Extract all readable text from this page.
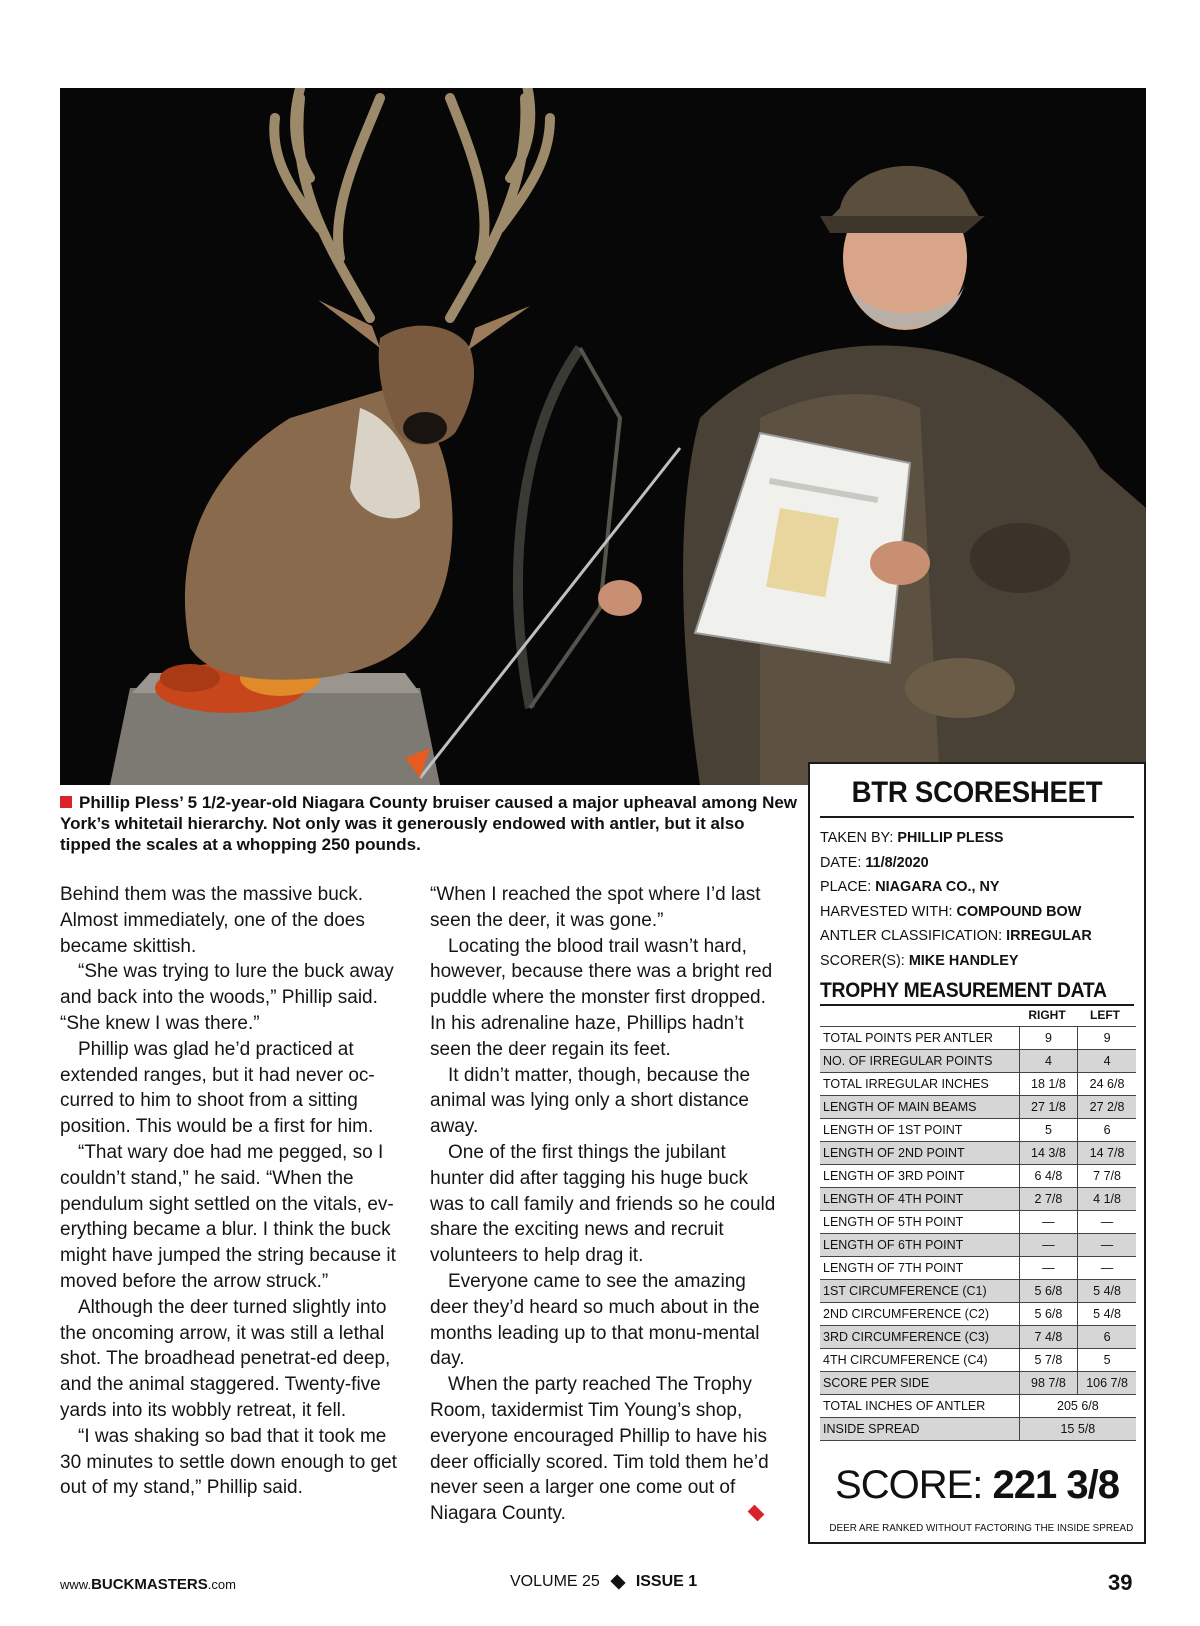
Phillip Pless’ 5 1/2-year-old Niagara County bruiser caused a major upheaval among New York’s whitetail hierarchy. Not only was it generously endowed with antler, but it also tipped the scales at a whopping 250 pounds.

Behind them was the massive buck. Almost immediately, one of the does became skittish.

“She was trying to lure the buck away and back into the woods,” Phillip said. “She knew I was there.”

Phillip was glad he’d practiced at extended ranges, but it had never oc-curred to him to shoot from a sitting position. This would be a first for him.

“That wary doe had me pegged, so I couldn’t stand,” he said. “When the pendulum sight settled on the vitals, ev-erything became a blur. I think the buck might have jumped the string because it moved before the arrow struck.”

Although the deer turned slightly into the oncoming arrow, it was still a lethal shot. The broadhead penetrat-ed deep, and the animal staggered. Twenty-five yards into its wobbly retreat, it fell.

“I was shaking so bad that it took me 30 minutes to settle down enough to get out of my stand,” Phillip said.

“When I reached the spot where I’d last seen the deer, it was gone.”

Locating the blood trail wasn’t hard, however, because there was a bright red puddle where the monster first dropped. In his adrenaline haze, Phillips hadn’t seen the deer regain its feet.

It didn’t matter, though, because the animal was lying only a short distance away.

One of the first things the jubilant hunter did after tagging his huge buck was to call family and friends so he could share the exciting news and recruit volunteers to help drag it.

Everyone came to see the amazing deer they’d heard so much about in the months leading up to that monu-mental day.

When the party reached The Trophy Room, taxidermist Tim Young’s shop, everyone encouraged Phillip to have his deer officially scored. Tim told them he’d never seen a larger one come out of Niagara County.

BTR SCORESHEET
TAKEN BY: PHILLIP PLESS
DATE: 11/8/2020
PLACE: NIAGARA CO., NY
HARVESTED WITH: COMPOUND BOW
ANTLER CLASSIFICATION: IRREGULAR
SCORER(S): MIKE HANDLEY
TROPHY MEASUREMENT DATA
RIGHT	LEFT
TOTAL POINTS PER ANTLER	9	9
NO. OF IRREGULAR POINTS	4	4
TOTAL IRREGULAR INCHES	18 1/8	24 6/8
LENGTH OF MAIN BEAMS	27 1/8	27 2/8
LENGTH OF 1ST POINT	5	6
LENGTH OF 2ND POINT	14 3/8	14 7/8
LENGTH OF 3RD POINT	6 4/8	7 7/8
LENGTH OF 4TH POINT	2 7/8	4 1/8
LENGTH OF 5TH POINT	—	—
LENGTH OF 6TH POINT	—	—
LENGTH OF 7TH POINT	—	—
1ST CIRCUMFERENCE (C1)	5 6/8	5 4/8
2ND CIRCUMFERENCE (C2)	5 6/8	5 4/8
3RD CIRCUMFERENCE (C3)	7 4/8	6
4TH CIRCUMFERENCE (C4)	5 7/8	5
SCORE PER SIDE	98 7/8	106 7/8
TOTAL INCHES OF ANTLER	205 6/8	
INSIDE SPREAD	15 5/8	
SCORE: 221 3/8
DEER ARE RANKED WITHOUT FACTORING THE INSIDE SPREAD
www.BUCKMASTERS.com	VOLUME 25 ISSUE 1	39
